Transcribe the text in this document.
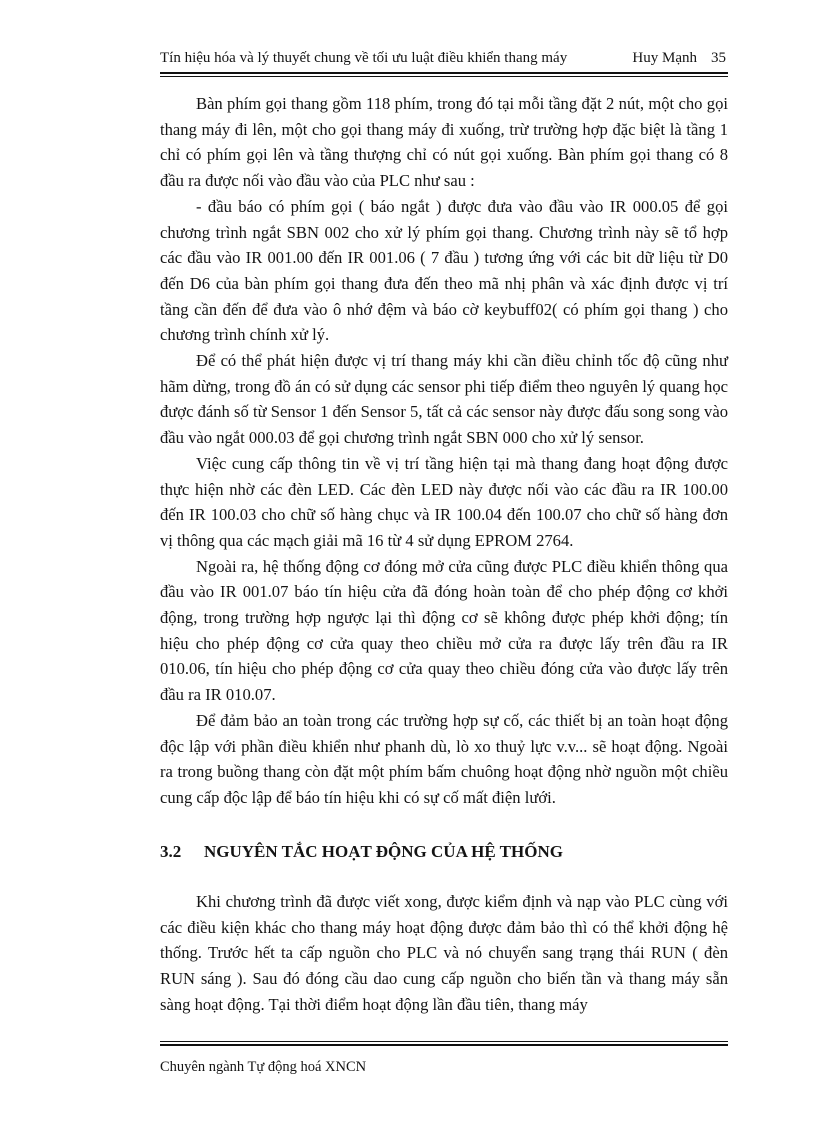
Tín hiệu hóa và lý thuyết chung về tối ưu luật điều khiển thang máy	Huy Mạnh 35

Bàn phím gọi thang gồm 118 phím, trong đó tại mỗi tầng đặt 2 nút, một cho gọi thang máy đi lên, một cho gọi thang máy đi xuống, trừ trường hợp đặc biệt là tầng 1 chỉ có phím gọi lên và tầng thượng chỉ có nút gọi xuống. Bàn phím gọi thang có 8 đầu ra được nối vào đầu vào của PLC như sau :

- đầu báo có phím gọi ( báo ngắt ) được đưa vào đầu vào IR 000.05 để gọi chương trình ngắt SBN 002 cho xử lý phím gọi thang. Chương trình này sẽ tổ hợp các đầu vào IR 001.00 đến IR 001.06 ( 7 đầu ) tương ứng với các bit dữ liệu từ D0 đến D6 của bàn phím gọi thang đưa đến theo mã nhị phân và xác định được vị trí tầng cần đến để đưa vào ô nhớ đệm và báo cờ keybuff02( có phím gọi thang ) cho chương trình chính xử lý.

Để có thể phát hiện được vị trí thang máy khi cần điều chỉnh tốc độ cũng như hãm dừng, trong đồ án có sử dụng các sensor phi tiếp điểm theo nguyên lý quang học được đánh số từ Sensor 1 đến Sensor 5, tất cả các sensor này được đấu song song vào đầu vào ngắt 000.03 để gọi chương trình ngắt SBN 000 cho xử lý sensor.

Việc cung cấp thông tin về vị trí tầng hiện tại mà thang đang hoạt động được thực hiện nhờ các đèn LED. Các đèn LED này được nối vào các đầu ra IR 100.00 đến IR 100.03 cho chữ số hàng chục và IR 100.04 đến 100.07 cho chữ số hàng đơn vị thông qua các mạch giải mã 16 từ 4 sử dụng EPROM 2764.

Ngoài ra, hệ thống động cơ đóng mở cửa cũng được PLC điều khiển thông qua đầu vào IR 001.07 báo tín hiệu cửa đã đóng hoàn toàn để cho phép động cơ khởi động, trong trường hợp ngược lại thì động cơ sẽ không được phép khởi động; tín hiệu cho phép động cơ cửa quay theo chiều mở cửa ra được lấy trên đầu ra IR 010.06, tín hiệu cho phép động cơ cửa quay theo chiều đóng cửa vào được lấy trên đầu ra IR 010.07.

Để đảm bảo an toàn trong các trường hợp sự cố, các thiết bị an toàn hoạt động độc lập với phần điều khiển như phanh dù, lò xo thuỷ lực v.v... sẽ hoạt động. Ngoài ra trong buồng thang còn đặt một phím bấm chuông hoạt động nhờ nguồn một chiều cung cấp độc lập để báo tín hiệu khi có sự cố mất điện lưới.

3.2 NGUYÊN TẮC HOẠT ĐỘNG CỦA HỆ THỐNG

Khi chương trình đã được viết xong, được kiểm định và nạp vào PLC cùng với các điều kiện khác cho thang máy hoạt động được đảm bảo thì có thể khởi động hệ thống. Trước hết ta cấp nguồn cho PLC và nó chuyển sang trạng thái RUN ( đèn RUN sáng ). Sau đó đóng cầu dao cung cấp nguồn cho biến tần và thang máy sẵn sàng hoạt động. Tại thời điểm hoạt động lần đầu tiên, thang máy

Chuyên ngành Tự động hoá XNCN
